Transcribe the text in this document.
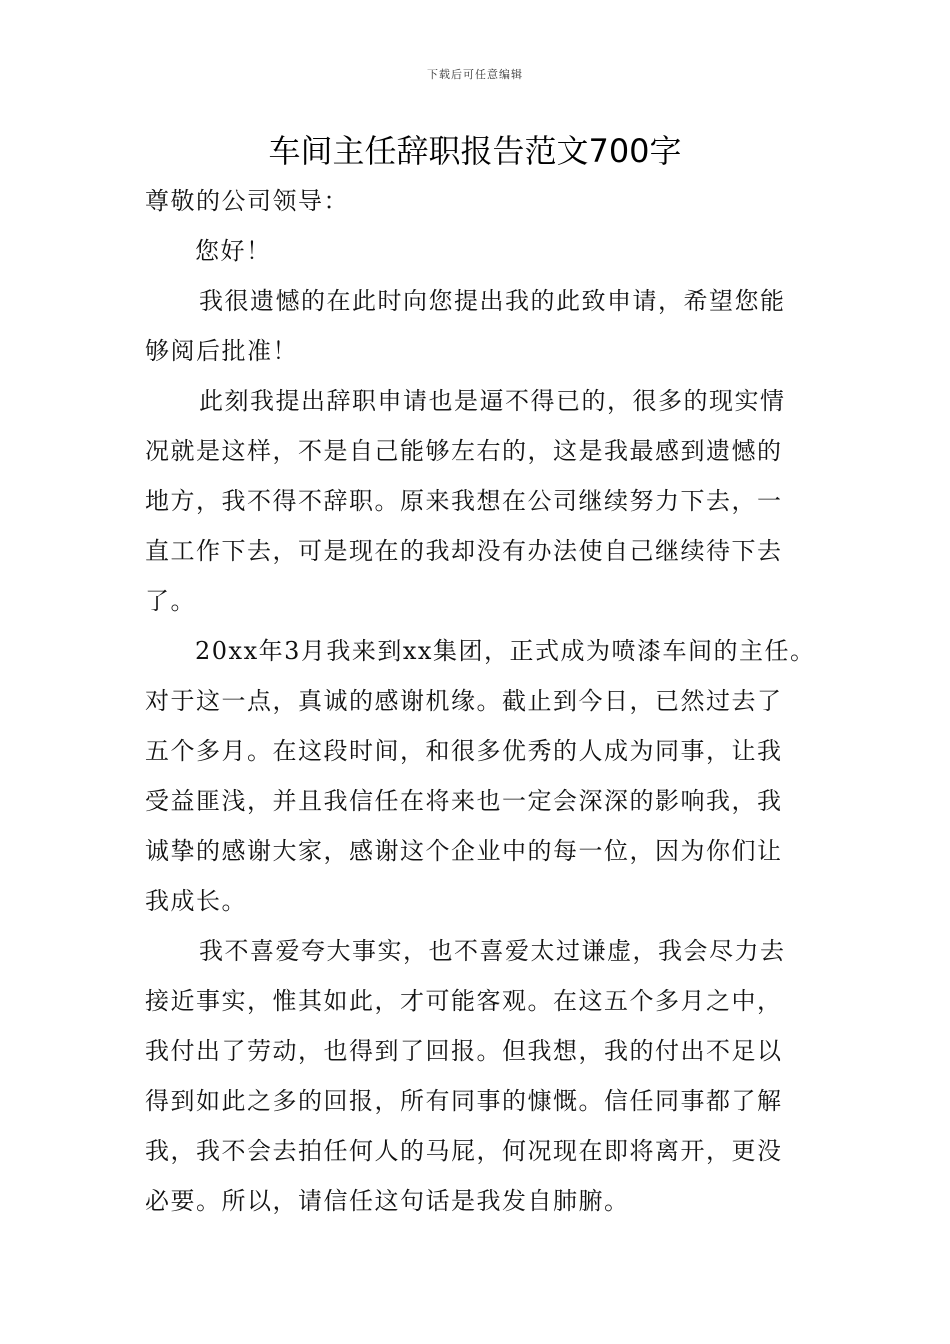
下载后可任意编辑
车间主任辞职报告范文700字
尊敬的公司领导：
您好！
我很遗憾的在此时向您提出我的此致申请，希望您能
够阅后批准！
此刻我提出辞职申请也是逼不得已的，很多的现实情
况就是这样，不是自己能够左右的，这是我最感到遗憾的
地方，我不得不辞职。原来我想在公司继续努力下去，一
直工作下去，可是现在的我却没有办法使自己继续待下去
了。
20xx年3月我来到xx集团，正式成为喷漆车间的主任。
对于这一点，真诚的感谢机缘。截止到今日，已然过去了
五个多月。在这段时间，和很多优秀的人成为同事，让我
受益匪浅，并且我信任在将来也一定会深深的影响我，我
诚挚的感谢大家，感谢这个企业中的每一位，因为你们让
我成长。
我不喜爱夸大事实，也不喜爱太过谦虚，我会尽力去
接近事实，惟其如此，才可能客观。在这五个多月之中，
我付出了劳动，也得到了回报。但我想，我的付出不足以
得到如此之多的回报，所有同事的慷慨。信任同事都了解
我，我不会去拍任何人的马屁，何况现在即将离开，更没
必要。所以，请信任这句话是我发自肺腑。
